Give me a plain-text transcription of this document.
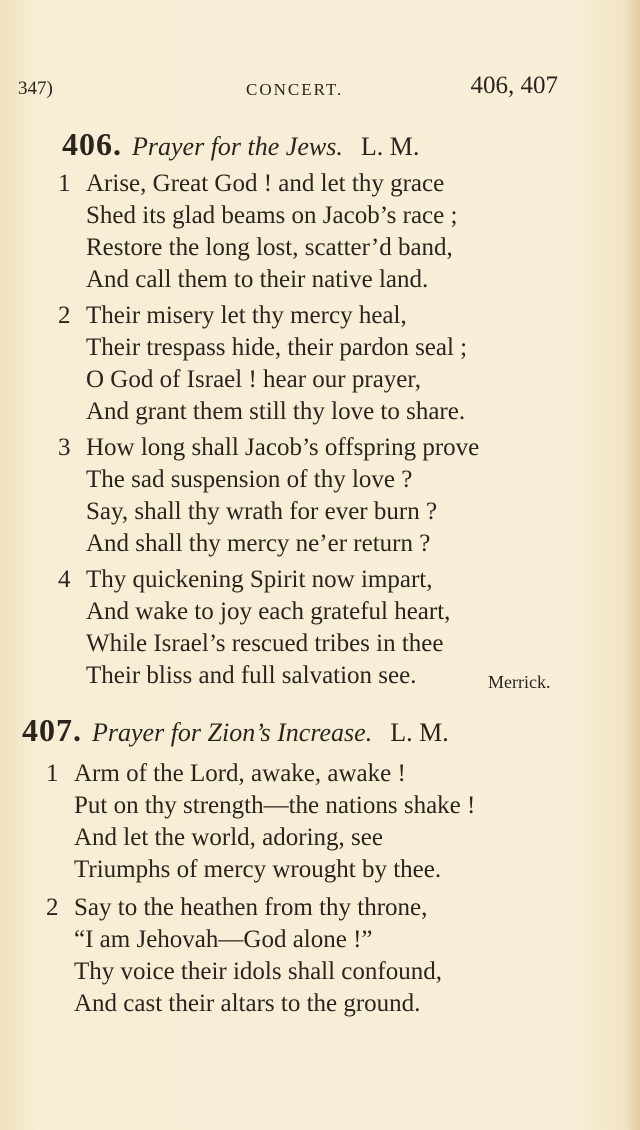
347)	CONCERT.	406, 407
406. Prayer for the Jews. L. M.
1 Arise, Great God ! and let thy grace
Shed its glad beams on Jacob’s race ;
Restore the long lost, scatter’d band,
And call them to their native land.
2 Their misery let thy mercy heal,
Their trespass hide, their pardon seal ;
O God of Israel ! hear our prayer,
And grant them still thy love to share.
3 How long shall Jacob’s offspring prove
The sad suspension of thy love ?
Say, shall thy wrath for ever burn ?
And shall thy mercy ne’er return ?
4 Thy quickening Spirit now impart,
And wake to joy each grateful heart,
While Israel’s rescued tribes in thee
Their bliss and full salvation see.	Merrick.
407. Prayer for Zion’s Increase. L. M.
1 Arm of the Lord, awake, awake !
Put on thy strength—the nations shake !
And let the world, adoring, see
Triumphs of mercy wrought by thee.
2 Say to the heathen from thy throne,
“I am Jehovah—God alone !”
Thy voice their idols shall confound,
And cast their altars to the ground.
